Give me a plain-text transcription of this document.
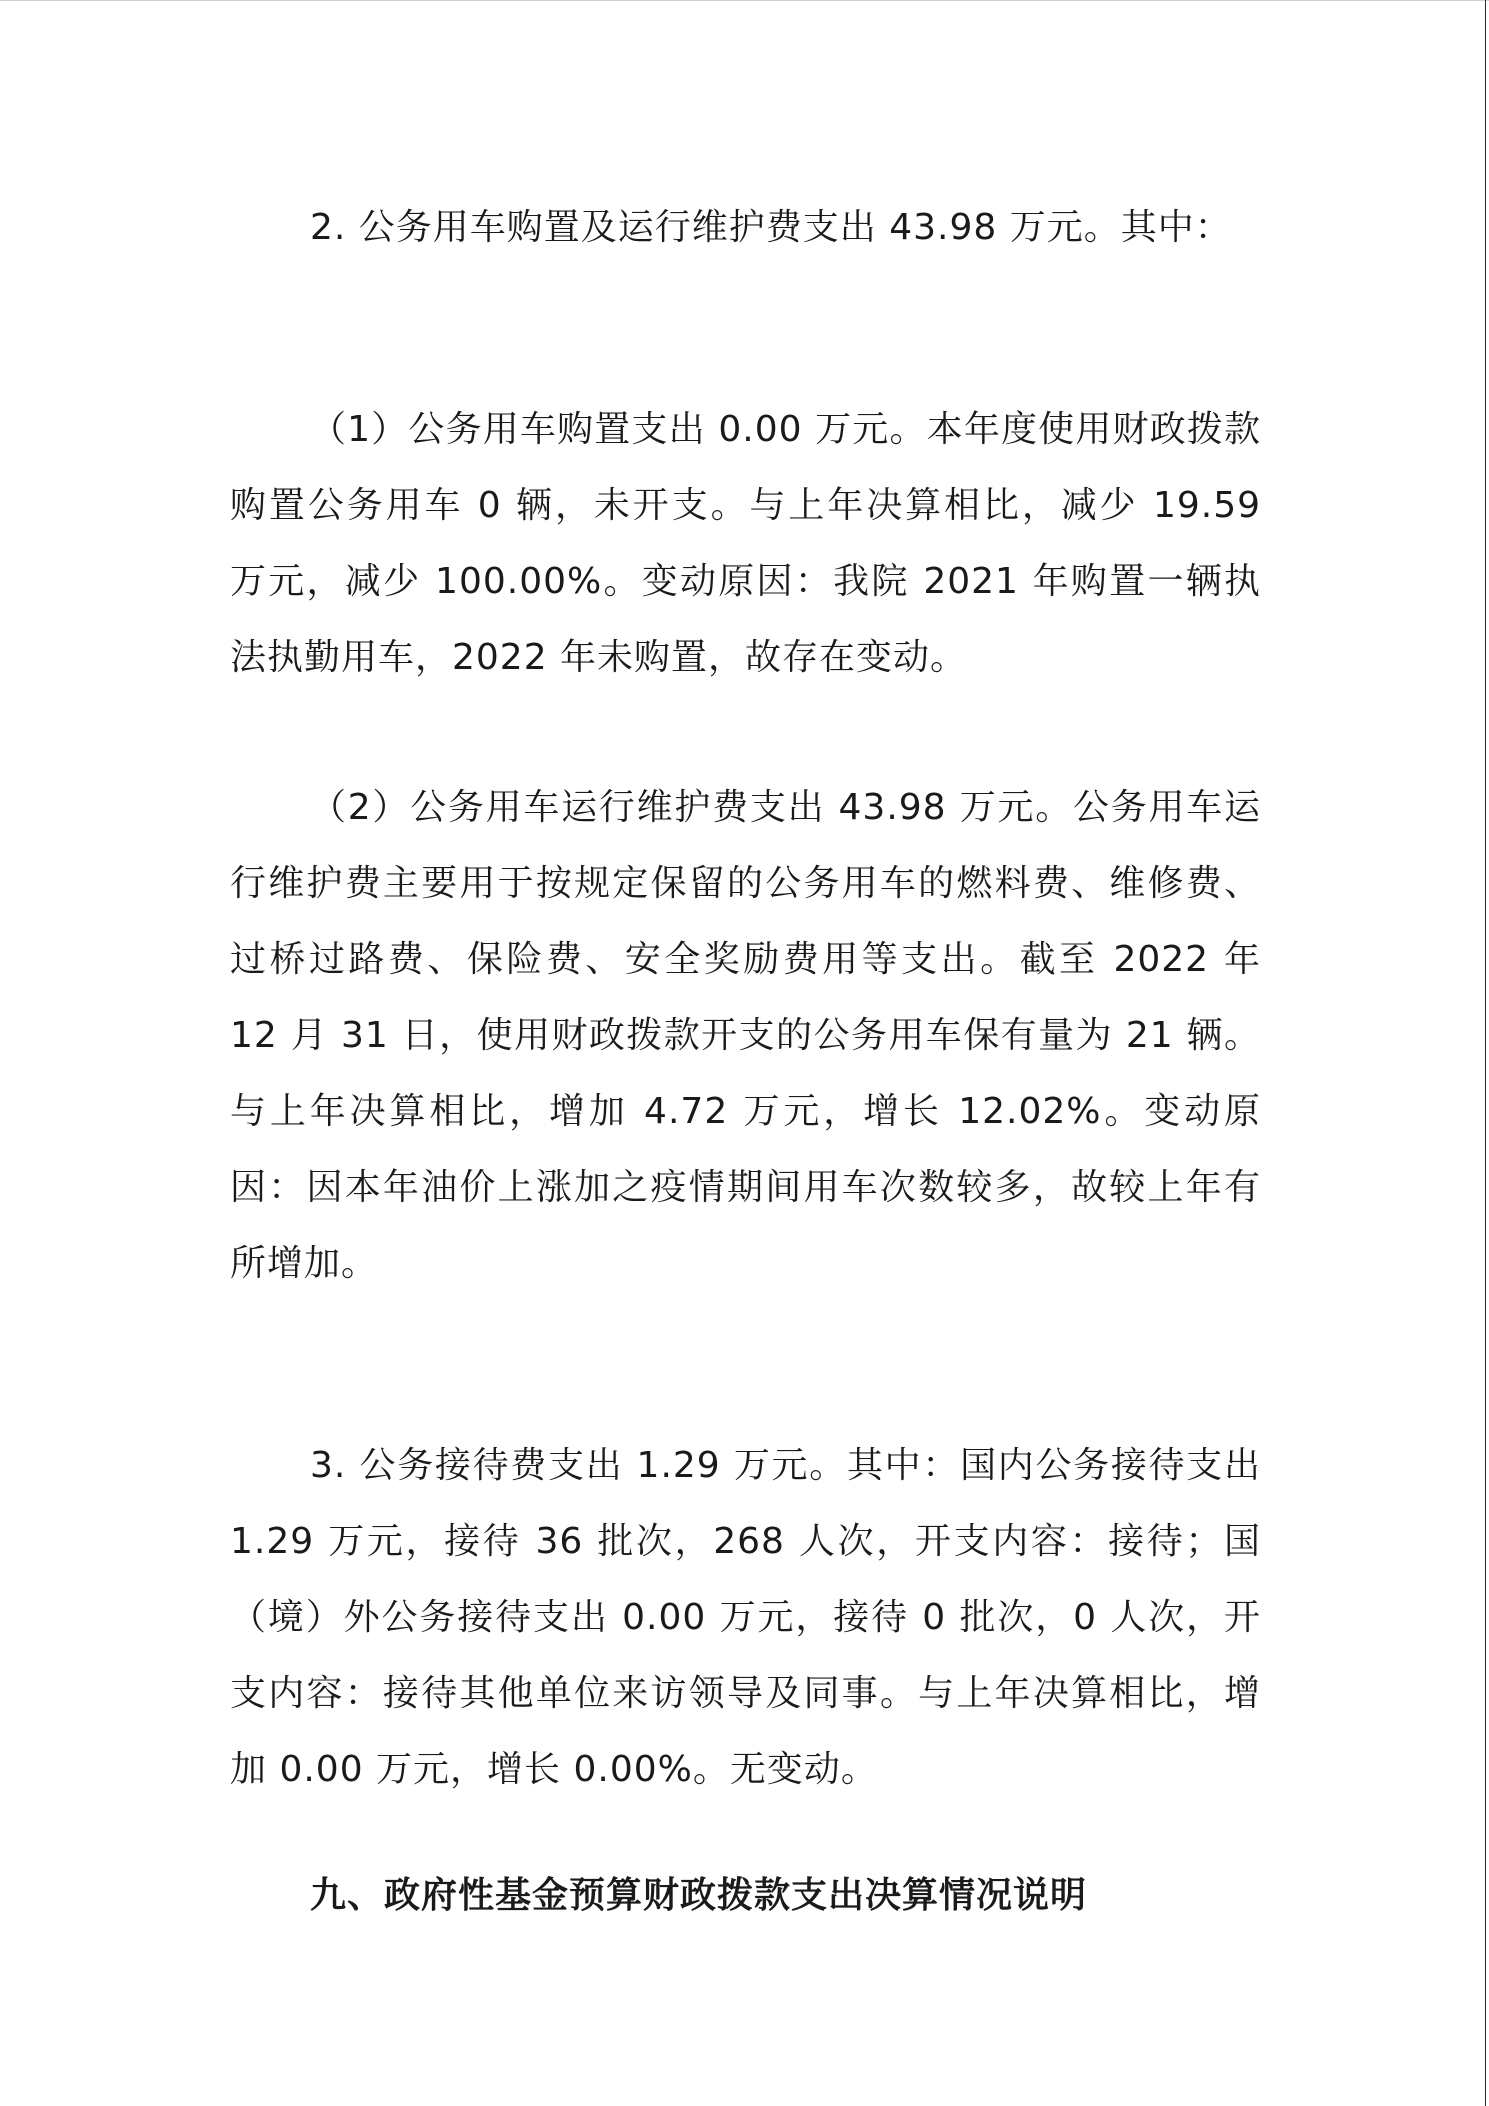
2. 公务用车购置及运行维护费支出 43.98 万元。其中：

（1）公务用车购置支出 0.00 万元。本年度使用财政拨款购置公务用车 0 辆，未开支。与上年决算相比，减少 19.59 万元，减少 100.00%。变动原因：我院 2021 年购置一辆执法执勤用车，2022 年未购置，故存在变动。

（2）公务用车运行维护费支出 43.98 万元。公务用车运行维护费主要用于按规定保留的公务用车的燃料费、维修费、过桥过路费、保险费、安全奖励费用等支出。截至 2022 年 12 月 31 日，使用财政拨款开支的公务用车保有量为 21 辆。与上年决算相比，增加 4.72 万元，增长 12.02%。变动原因：因本年油价上涨加之疫情期间用车次数较多，故较上年有所增加。

3. 公务接待费支出 1.29 万元。其中：国内公务接待支出 1.29 万元，接待 36 批次，268 人次，开支内容：接待；国（境）外公务接待支出 0.00 万元，接待 0 批次，0 人次，开支内容：接待其他单位来访领导及同事。与上年决算相比，增加 0.00 万元，增长 0.00%。无变动。

九、政府性基金预算财政拨款支出决算情况说明
